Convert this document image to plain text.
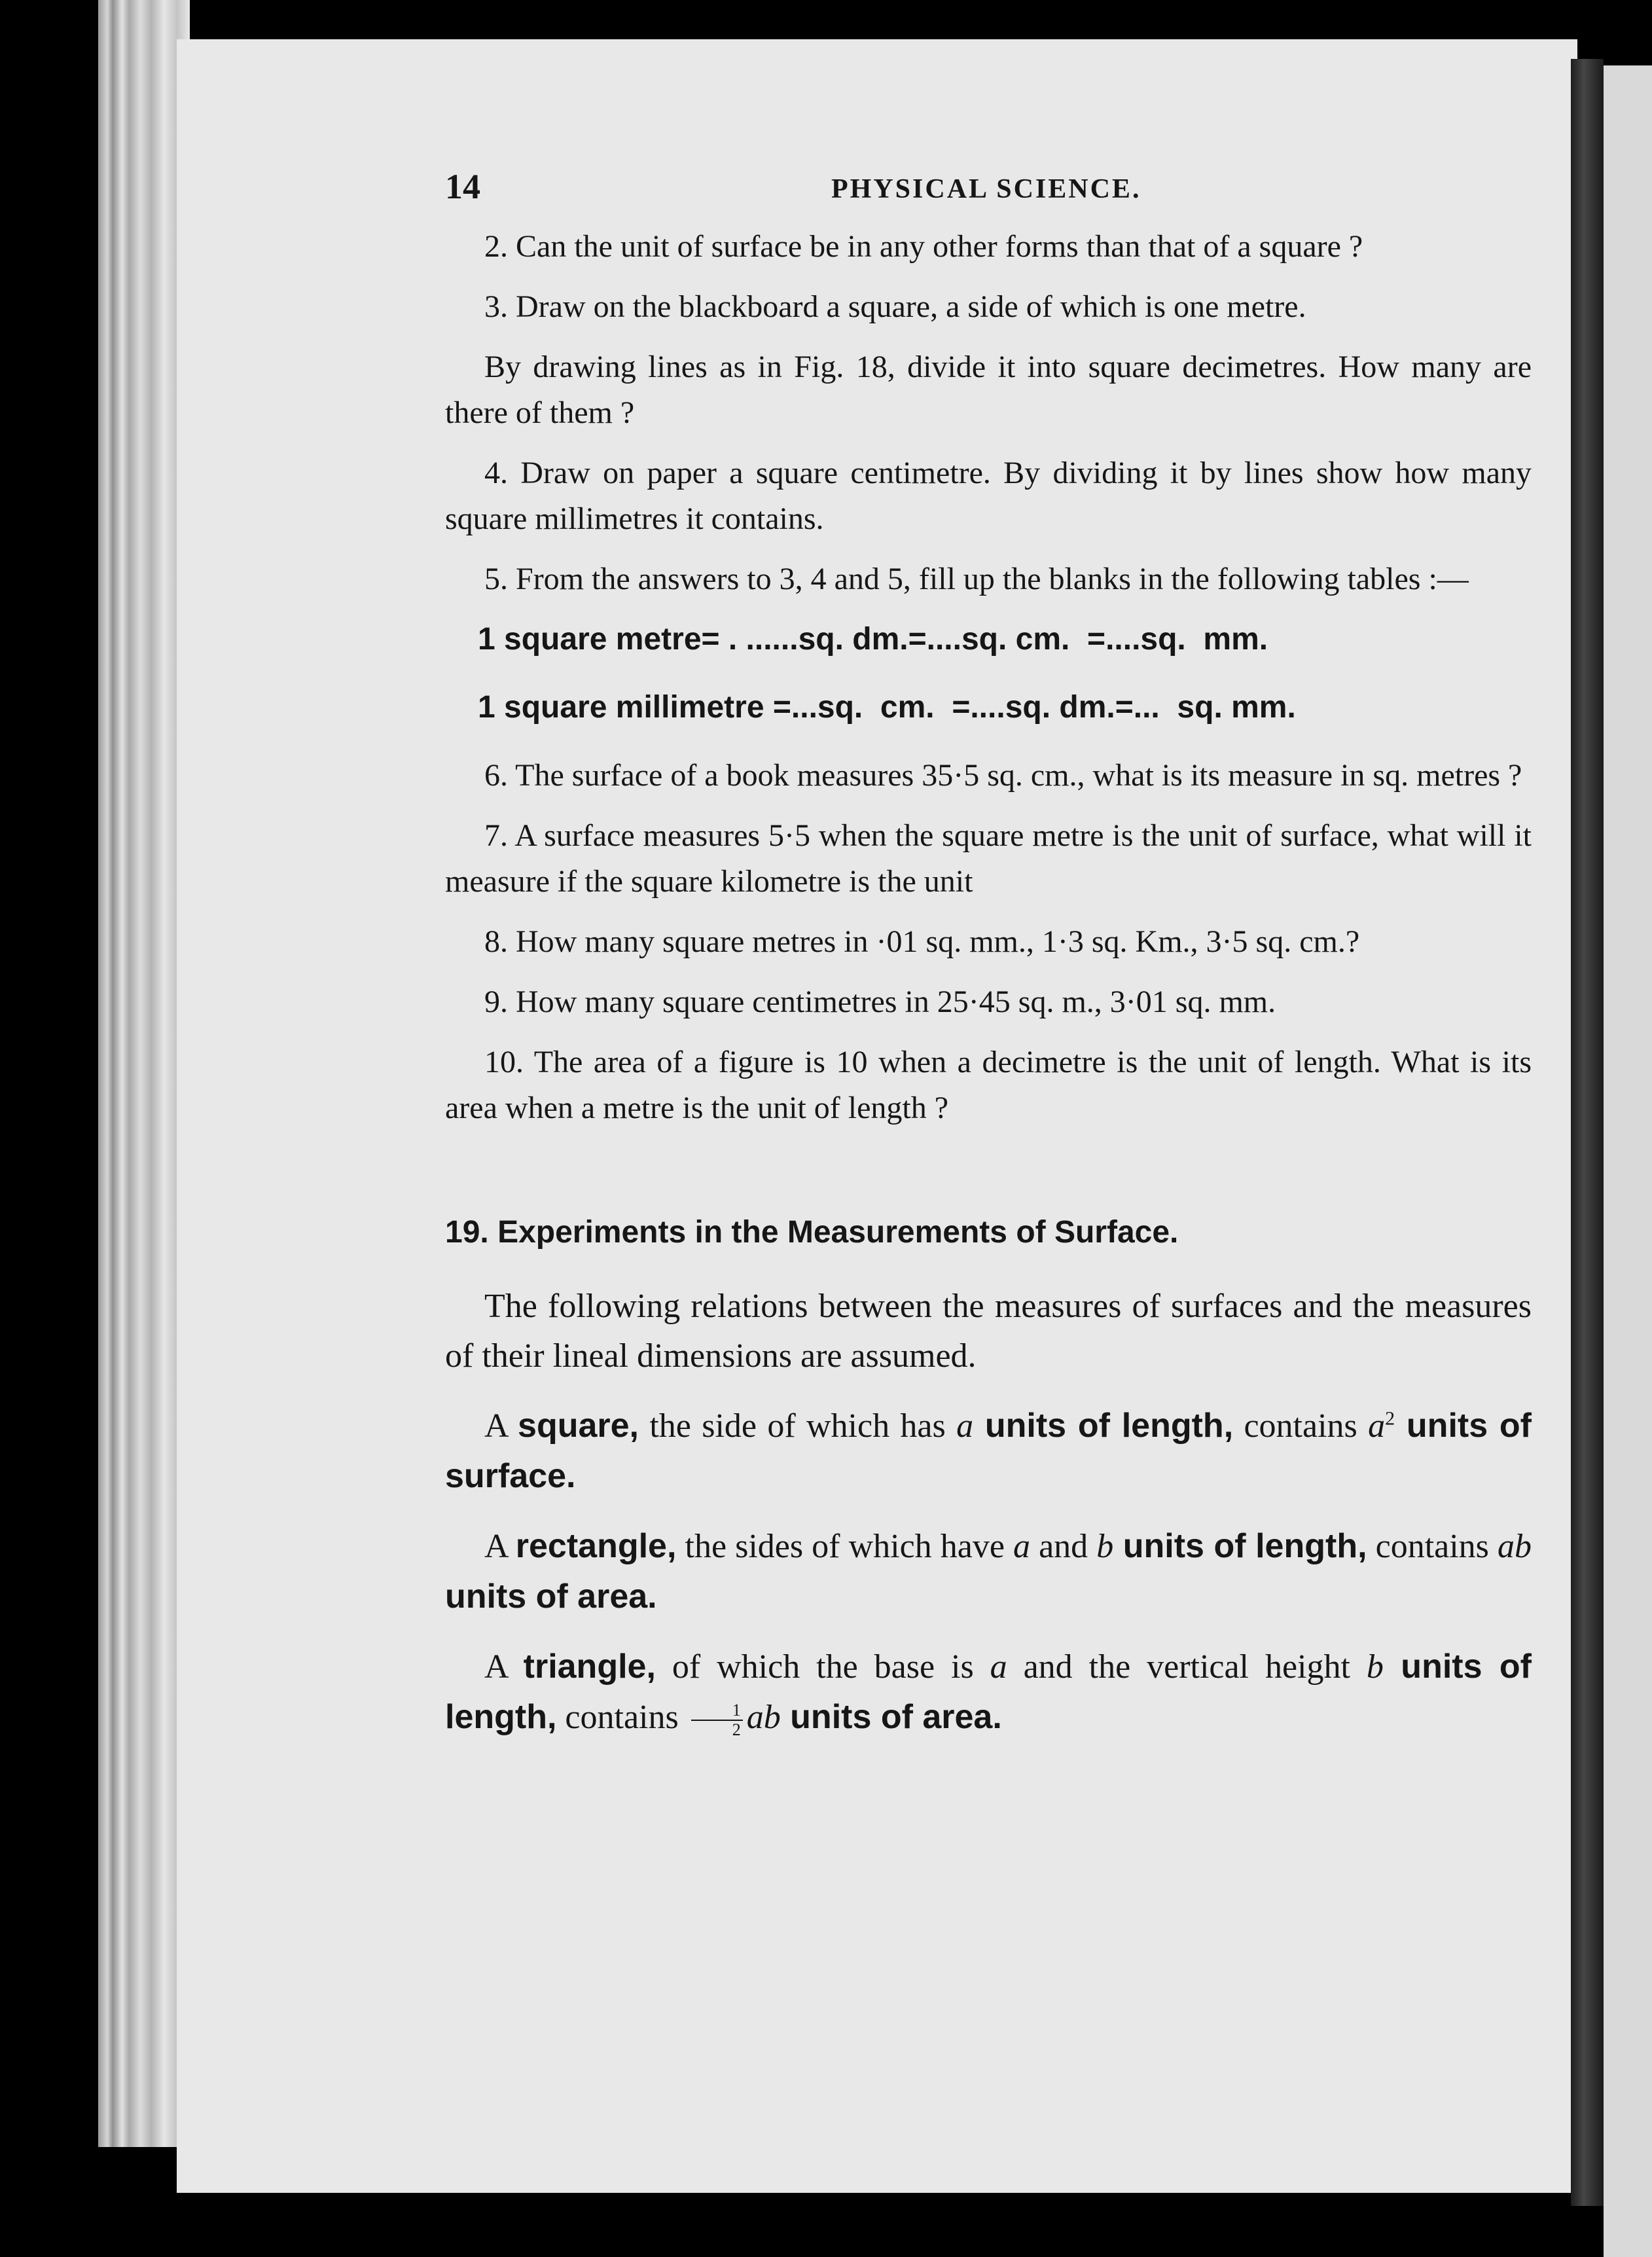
14	PHYSICAL SCIENCE.

2. Can the unit of surface be in any other forms than that of a square ?

3. Draw on the blackboard a square, a side of which is one metre.

By drawing lines as in Fig. 18, divide it into square decimetres. How many are there of them ?

4. Draw on paper a square centimetre. By dividing it by lines show how many square millimetres it contains.

5. From the answers to 3, 4 and 5, fill up the blanks in the following tables :—

1 square metre= . ......sq. dm.=....sq. cm.  =....sq.  mm.
1 square millimetre =...sq.  cm.  =....sq. dm.=...  sq. mm.

6. The surface of a book measures 35·5 sq. cm., what is its measure in sq. metres ?

7. A surface measures 5·5 when the square metre is the unit of surface, what will it measure if the square kilometre is the unit

8. How many square metres in ·01 sq. mm., 1·3 sq. Km., 3·5 sq. cm.?

9. How many square centimetres in 25·45 sq. m., 3·01 sq. mm.

10. The area of a figure is 10 when a decimetre is the unit of length. What is its area when a metre is the unit of length ?

19. Experiments in the Measurements of Surface.

The following relations between the measures of surfaces and the measures of their lineal dimensions are assumed.

A square, the side of which has a units of length, contains $a^2$ units of surface.

A rectangle, the sides of which have a and b units of length, contains ab units of area.

A triangle, of which the base is a and the vertical height b units of length, contains $\frac{1}{2}$ ab units of area.
